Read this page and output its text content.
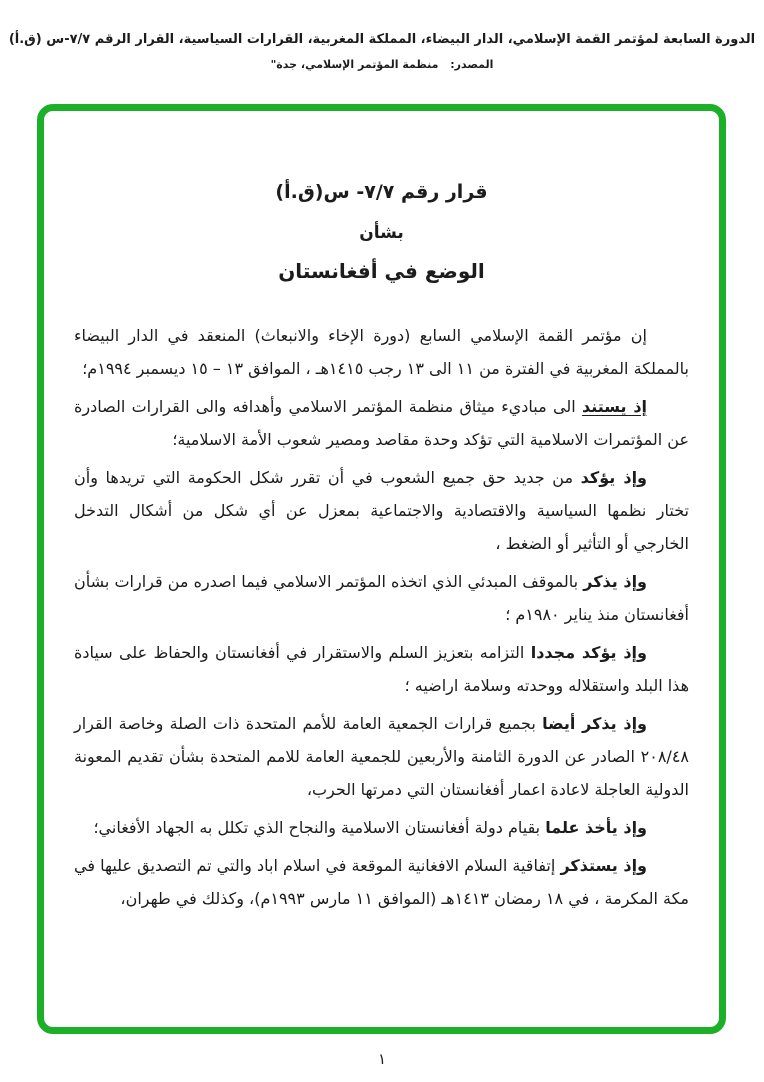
الدورة السابعة لمؤتمر القمة الإسلامي، الدار البيضاء، المملكة المغربية، القرارات السياسية، القرار الرقم ٧/٧-س (ق.أ)
المصدر: منظمة المؤتمر الإسلامي، جدة"
قرار رقم ٧/٧- س(ق.أ)
بشأن
الوضع في أفغانستان

إن مؤتمر القمة الإسلامي السابع (دورة الإخاء والانبعاث) المنعقد في الدار البيضاء بالمملكة المغربية في الفترة من ١١ الى ١٣ رجب ١٤١٥هـ ، الموافق ١٣ – ١٥ ديسمبر ١٩٩٤م؛

إذ يستند الى مباديء ميثاق منظمة المؤتمر الاسلامي وأهدافه والى القرارات الصادرة عن المؤتمرات الاسلامية التي تؤكد وحدة مقاصد ومصير شعوب الأمة الاسلامية؛

وإذ يؤكد من جديد حق جميع الشعوب في أن تقرر شكل الحكومة التي تريدها وأن تختار نظمها السياسية والاقتصادية والاجتماعية بمعزل عن أي شكل من أشكال التدخل الخارجي أو التأثير أو الضغط ،

وإذ يذكر بالموقف المبدئي الذي اتخذه المؤتمر الاسلامي فيما اصدره من قرارات بشأن أفغانستان منذ يناير ١٩٨٠م ؛

وإذ يؤكد مجددا التزامه بتعزيز السلم والاستقرار في أفغانستان والحفاظ على سيادة هذا البلد واستقلاله ووحدته وسلامة اراضيه ؛

وإذ يذكر أيضا بجميع قرارات الجمعية العامة للأمم المتحدة ذات الصلة وخاصة القرار ٢٠٨/٤٨ الصادر عن الدورة الثامنة والأربعين للجمعية العامة للامم المتحدة بشأن تقديم المعونة الدولية العاجلة لاعادة اعمار أفغانستان التي دمرتها الحرب،

وإذ يأخذ علما بقيام دولة أفغانستان الاسلامية والنجاح الذي تكلل به الجهاد الأفغاني؛

وإذ يستذكر إتفاقية السلام الافغانية الموقعة في اسلام اباد والتي تم التصديق عليها في مكة المكرمة ، في ١٨ رمضان ١٤١٣هـ (الموافق ١١ مارس ١٩٩٣م)، وكذلك في طهران،

١
